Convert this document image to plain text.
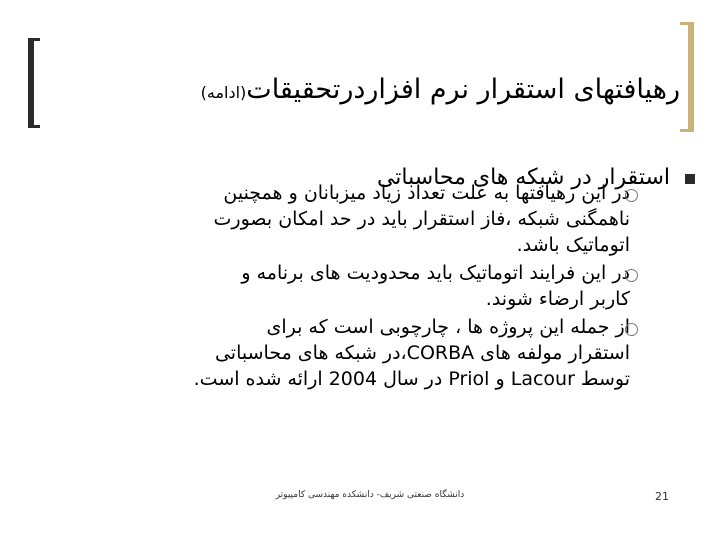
رهیافتهای استقرار نرم افزاردرتحقیقات(ادامه)
استقرار در شبکه های محاسباتی
در این رهیافتها به علت تعداد زیاد میزبانان و همچنین
ناهمگنی شبکه ،فاز استقرار باید در حد امکان بصورت
اتوماتیک باشد.
در این فرایند اتوماتیک باید محدودیت های برنامه و
کاربر ارضاء شوند.
از جمله این پروژه ها ، چارچوبی است که برای
استقرار مولفه های CORBA،در شبکه های محاسباتی
توسط Lacour و Priol در سال 2004 ارائه شده است.
دانشگاه صنعتی شریف- دانشکده مهندسی کامپیوتر	21
